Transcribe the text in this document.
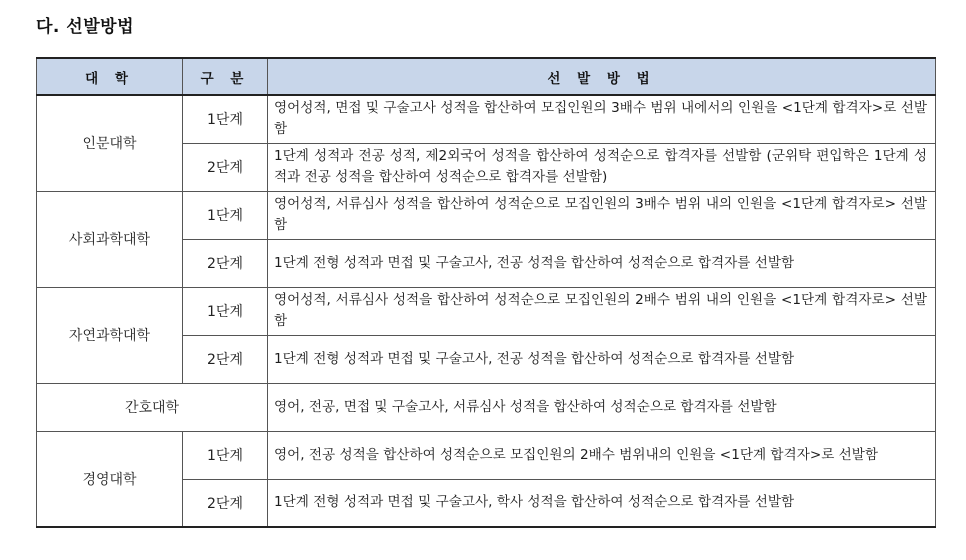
다. 선발방법
대 학	구 분	선 발 방 법
인문대학	1단계	영어성적, 면접 및 구술고사 성적을 합산하여 모집인원의 3배수 범위 내에서의 인원을 <1단계 합격자>로 선발함
	2단계	1단계 성적과 전공 성적, 제2외국어 성적을 합산하여 성적순으로 합격자를 선발함 (군위탁 편입학은 1단계 성적과 전공 성적을 합산하여 성적순으로 합격자를 선발함)
사회과학대학	1단계	영어성적, 서류심사 성적을 합산하여 성적순으로 모집인원의 3배수 범위 내의 인원을 <1단계 합격자로> 선발함
	2단계	1단계 전형 성적과 면접 및 구술고사, 전공 성적을 합산하여 성적순으로 합격자를 선발함
자연과학대학	1단계	영어성적, 서류심사 성적을 합산하여 성적순으로 모집인원의 2배수 범위 내의 인원을 <1단계 합격자로> 선발함
	2단계	1단계 전형 성적과 면접 및 구술고사, 전공 성적을 합산하여 성적순으로 합격자를 선발함
간호대학		영어, 전공, 면접 및 구술고사, 서류심사 성적을 합산하여 성적순으로 합격자를 선발함
경영대학	1단계	영어, 전공 성적을 합산하여 성적순으로 모집인원의 2배수 범위내의 인원을 <1단계 합격자>로 선발함
	2단계	1단계 전형 성적과 면접 및 구술고사, 학사 성적을 합산하여 성적순으로 합격자를 선발함
